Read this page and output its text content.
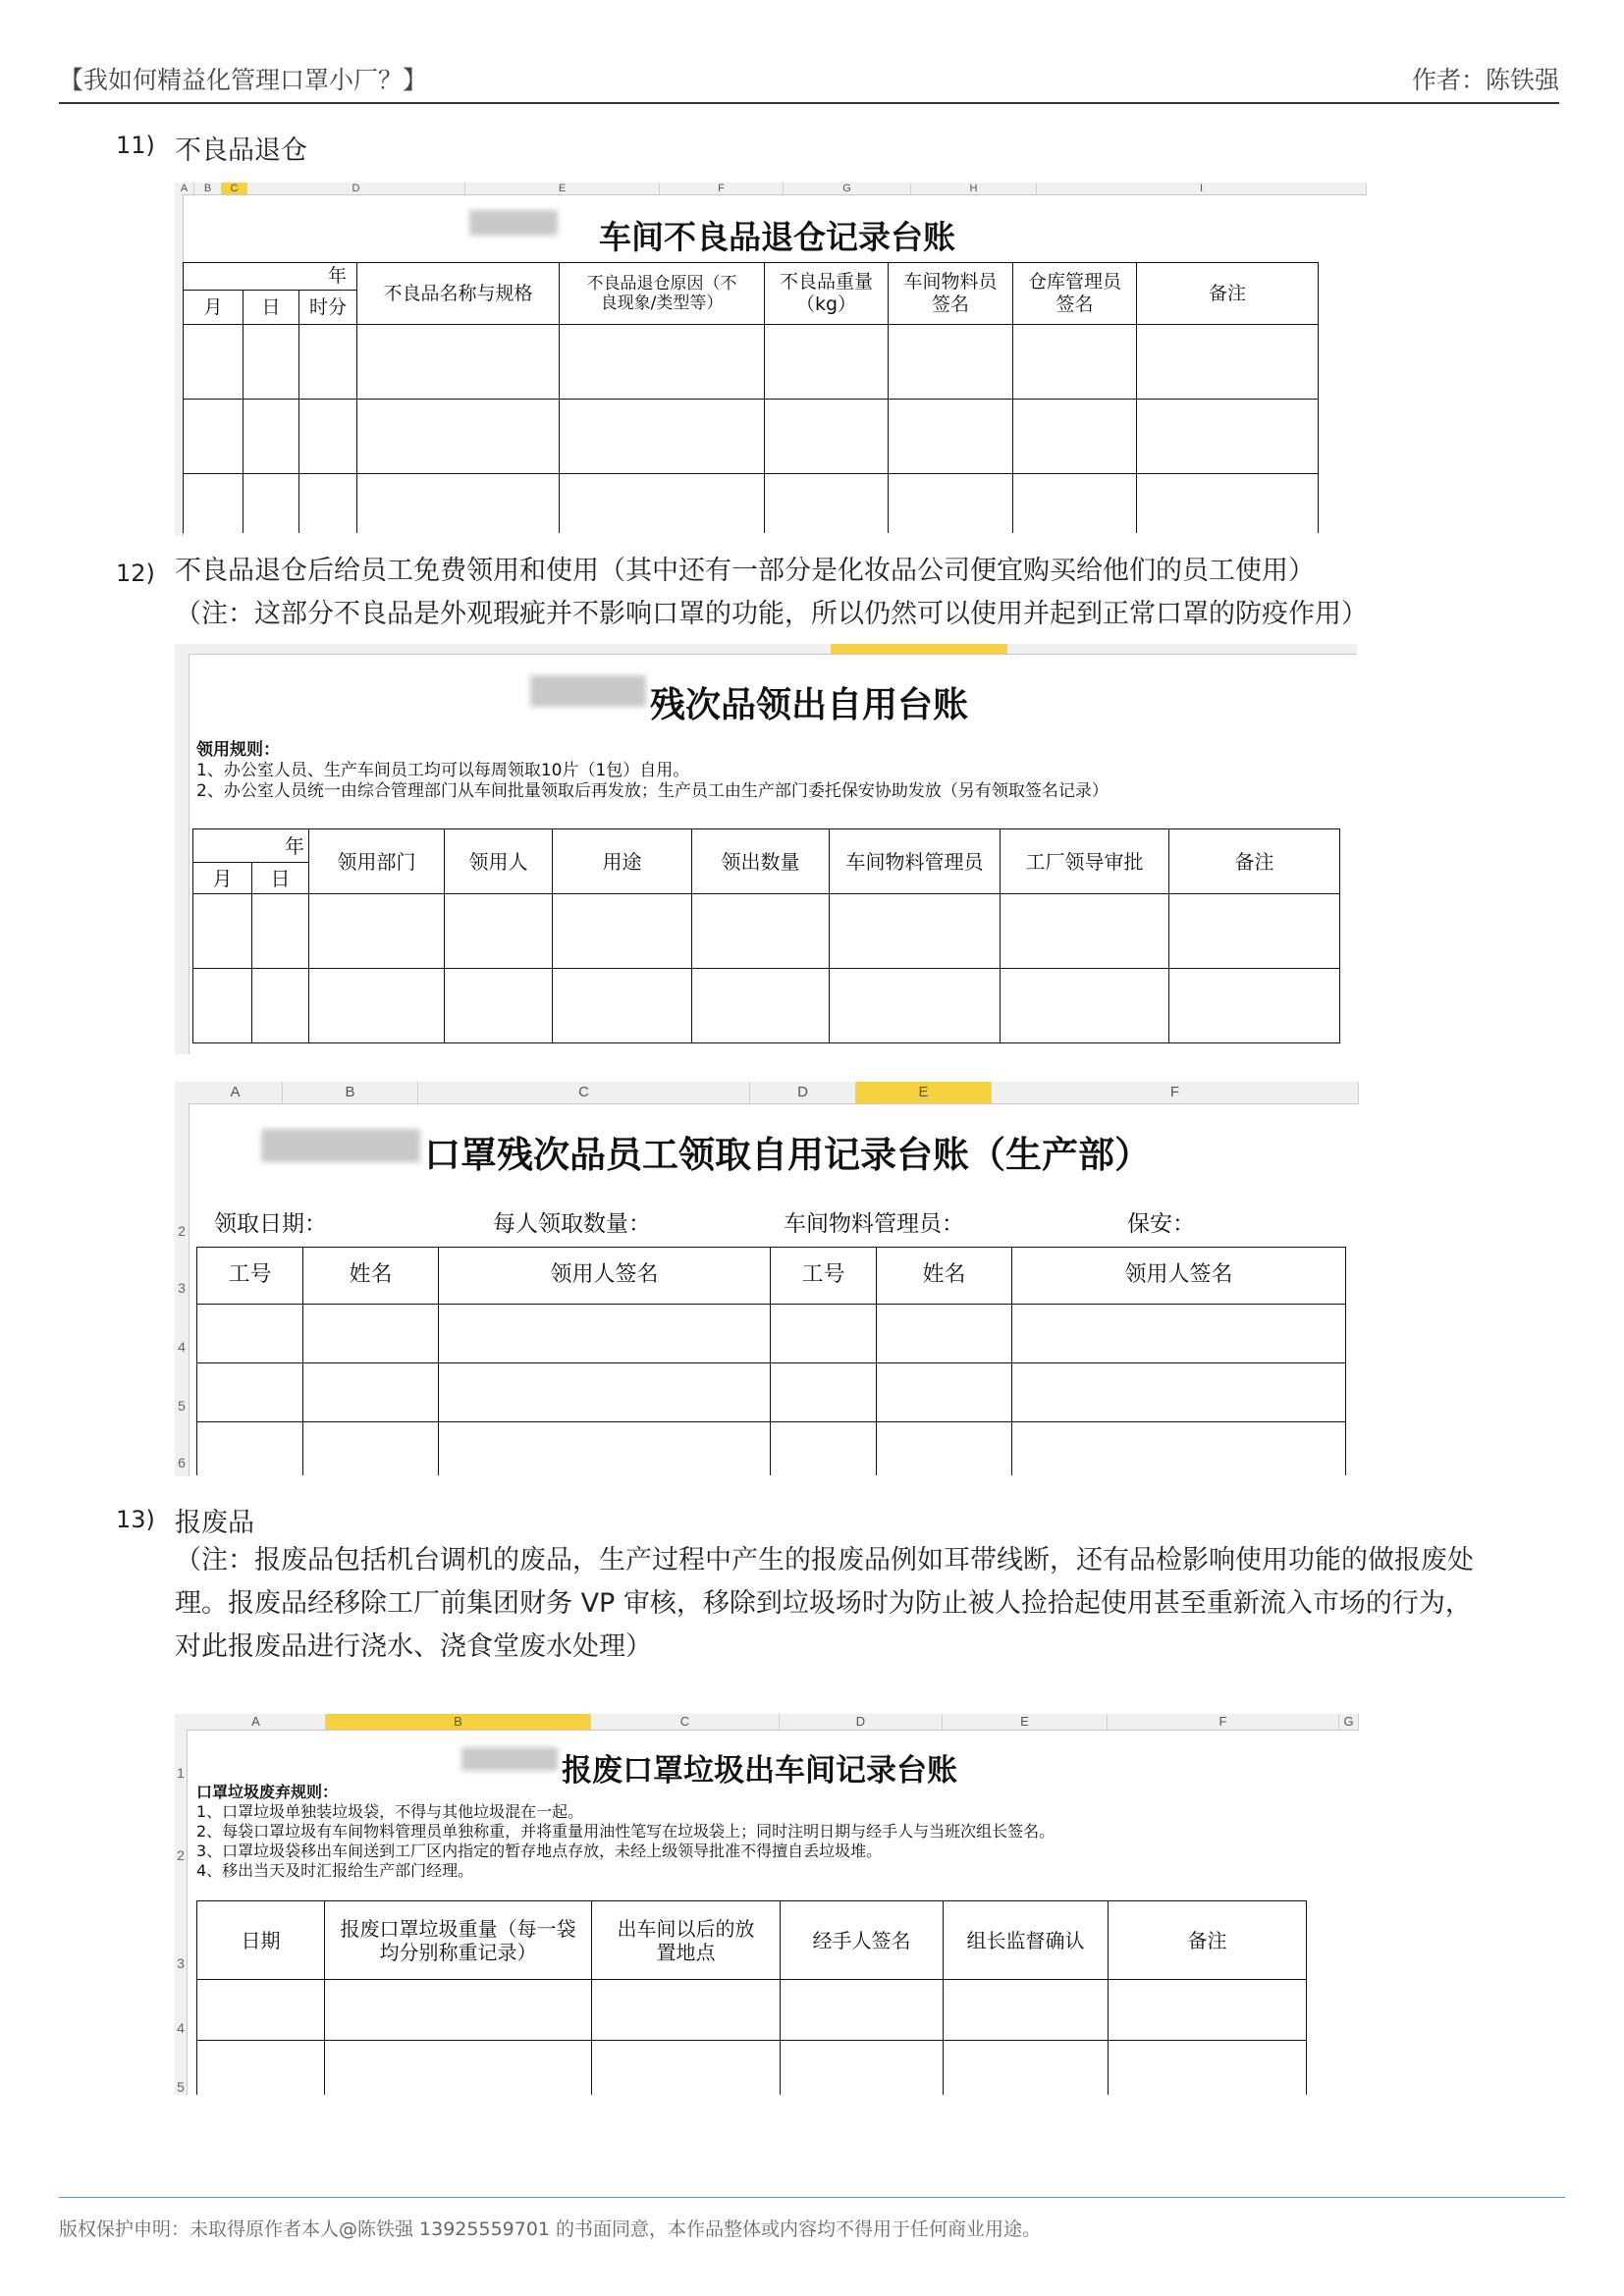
【我如何精益化管理口罩小厂？】	作者：陈铁强
11) 不良品退仓
A	B	C	D	E	F	G	H	I
车间不良品退仓记录台账
年			不良品名称与规格	不良品退仓原因（不良现象/类型等）	不良品重量（kg）	车间物料员签名	仓库管理员签名	备注
月	日	时分						

12) 不良品退仓后给员工免费领用和使用（其中还有一部分是化妆品公司便宜购买给他们的员工使用）
（注：这部分不良品是外观瑕疵并不影响口罩的功能，所以仍然可以使用并起到正常口罩的防疫作用）
残次品领出自用台账
领用规则：
1、办公室人员、生产车间员工均可以每周领取10片（1包）自用。
2、办公室人员统一由综合管理部门从车间批量领取后再发放；生产员工由生产部门委托保安协助发放（另有领取签名记录）
年		领用部门	领用人	用途	领出数量	车间物料管理员	工厂领导审批	备注
月	日							

A	B	C	D	E	F
2
3
4
5
6
口罩残次品员工领取自用记录台账（生产部）
领取日期：	每人领取数量：	车间物料管理员：	保安：
工号	姓名	领用人签名	工号	姓名	领用人签名

13) 报废品
（注：报废品包括机台调机的废品，生产过程中产生的报废品例如耳带线断，还有品检影响使用功能的做报废处
理。报废品经移除工厂前集团财务 VP 审核，移除到垃圾场时为防止被人捡拾起使用甚至重新流入市场的行为，
对此报废品进行浇水、浇食堂废水处理）
A	B	C	D	E	F	G
1
2
3
4
5
报废口罩垃圾出车间记录台账
口罩垃圾废弃规则：
1、口罩垃圾单独装垃圾袋，不得与其他垃圾混在一起。
2、每袋口罩垃圾有车间物料管理员单独称重，并将重量用油性笔写在垃圾袋上；同时注明日期与经手人与当班次组长签名。
3、口罩垃圾袋移出车间送到工厂区内指定的暂存地点存放，未经上级领导批准不得擅自丢垃圾堆。
4、移出当天及时汇报给生产部门经理。
日期	报废口罩垃圾重量（每一袋均分别称重记录）	出车间以后的放置地点	经手人签名	组长监督确认	备注

版权保护申明：未取得原作者本人@陈铁强 13925559701 的书面同意，本作品整体或内容均不得用于任何商业用途。
